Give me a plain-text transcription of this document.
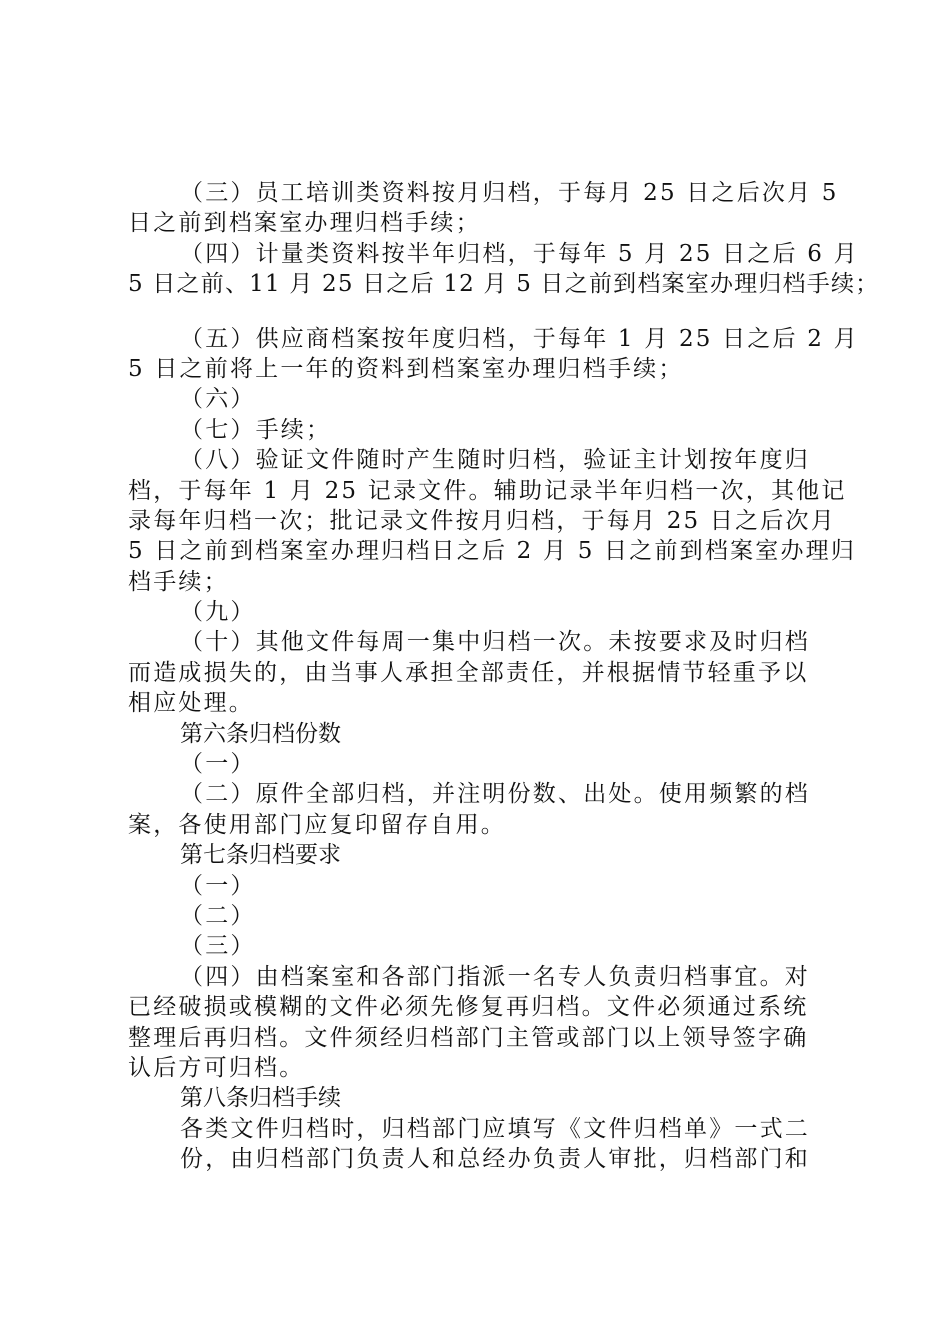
（三）员工培训类资料按月归档，于每月 25 日之后次月 5
日之前到档案室办理归档手续；
（四）计量类资料按半年归档，于每年 5 月 25 日之后 6 月
5 日之前、11 月 25 日之后 12 月 5 日之前到档案室办理归档手续；
（五）供应商档案按年度归档，于每年 1 月 25 日之后 2 月
5 日之前将上一年的资料到档案室办理归档手续；
（六）
（七）手续；
（八）验证文件随时产生随时归档，验证主计划按年度归
档，于每年 1 月 25 记录文件。辅助记录半年归档一次，其他记
录每年归档一次；批记录文件按月归档，于每月 25 日之后次月
5 日之前到档案室办理归档日之后 2 月 5 日之前到档案室办理归
档手续；
（九）
（十）其他文件每周一集中归档一次。未按要求及时归档
而造成损失的，由当事人承担全部责任，并根据情节轻重予以
相应处理。
第六条归档份数
（一）
（二）原件全部归档，并注明份数、出处。使用频繁的档
案，各使用部门应复印留存自用。
第七条归档要求
（一）
（二）
（三）
（四）由档案室和各部门指派一名专人负责归档事宜。对
已经破损或模糊的文件必须先修复再归档。文件必须通过系统
整理后再归档。文件须经归档部门主管或部门以上领导签字确
认后方可归档。
第八条归档手续
各类文件归档时，归档部门应填写《文件归档单》一式二
份，由归档部门负责人和总经办负责人审批，归档部门和
